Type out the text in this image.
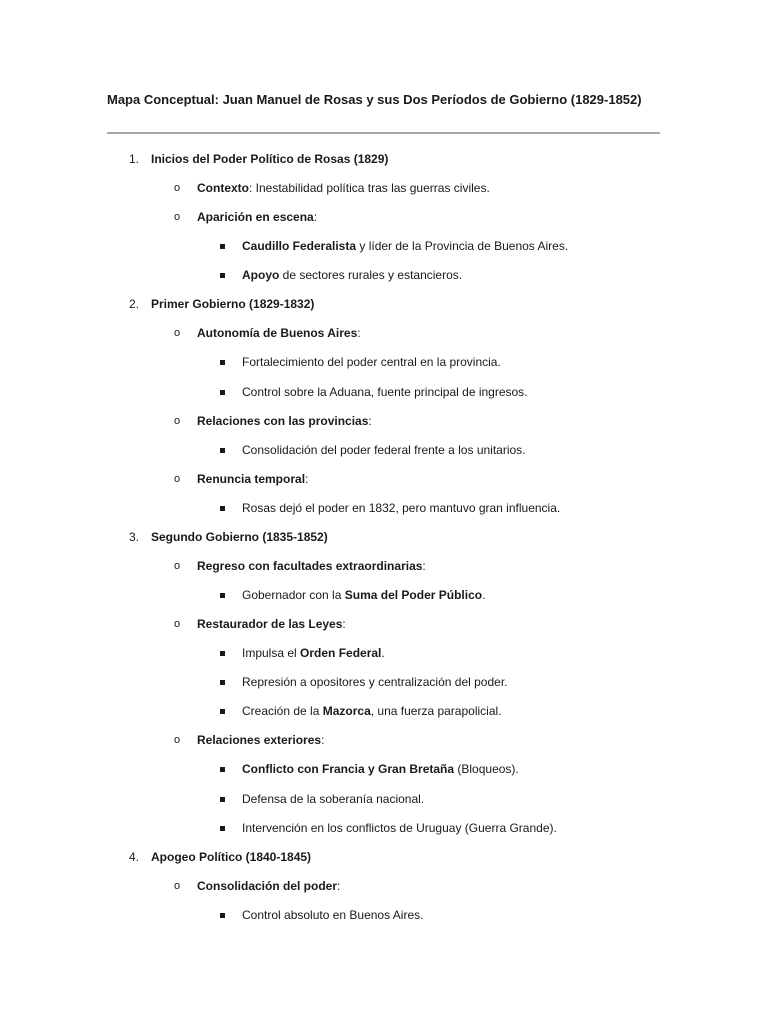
Mapa Conceptual: Juan Manuel de Rosas y sus Dos Períodos de Gobierno (1829-1852)
1. Inicios del Poder Político de Rosas (1829)
o Contexto: Inestabilidad política tras las guerras civiles.
o Aparición en escena:
Caudillo Federalista y líder de la Provincia de Buenos Aires.
Apoyo de sectores rurales y estancieros.
2. Primer Gobierno (1829-1832)
o Autonomía de Buenos Aires:
Fortalecimiento del poder central en la provincia.
Control sobre la Aduana, fuente principal de ingresos.
o Relaciones con las provincias:
Consolidación del poder federal frente a los unitarios.
o Renuncia temporal:
Rosas dejó el poder en 1832, pero mantuvo gran influencia.
3. Segundo Gobierno (1835-1852)
o Regreso con facultades extraordinarias:
Gobernador con la Suma del Poder Público.
o Restaurador de las Leyes:
Impulsa el Orden Federal.
Represión a opositores y centralización del poder.
Creación de la Mazorca, una fuerza parapolicial.
o Relaciones exteriores:
Conflicto con Francia y Gran Bretaña (Bloqueos).
Defensa de la soberanía nacional.
Intervención en los conflictos de Uruguay (Guerra Grande).
4. Apogeo Político (1840-1845)
o Consolidación del poder:
Control absoluto en Buenos Aires.
